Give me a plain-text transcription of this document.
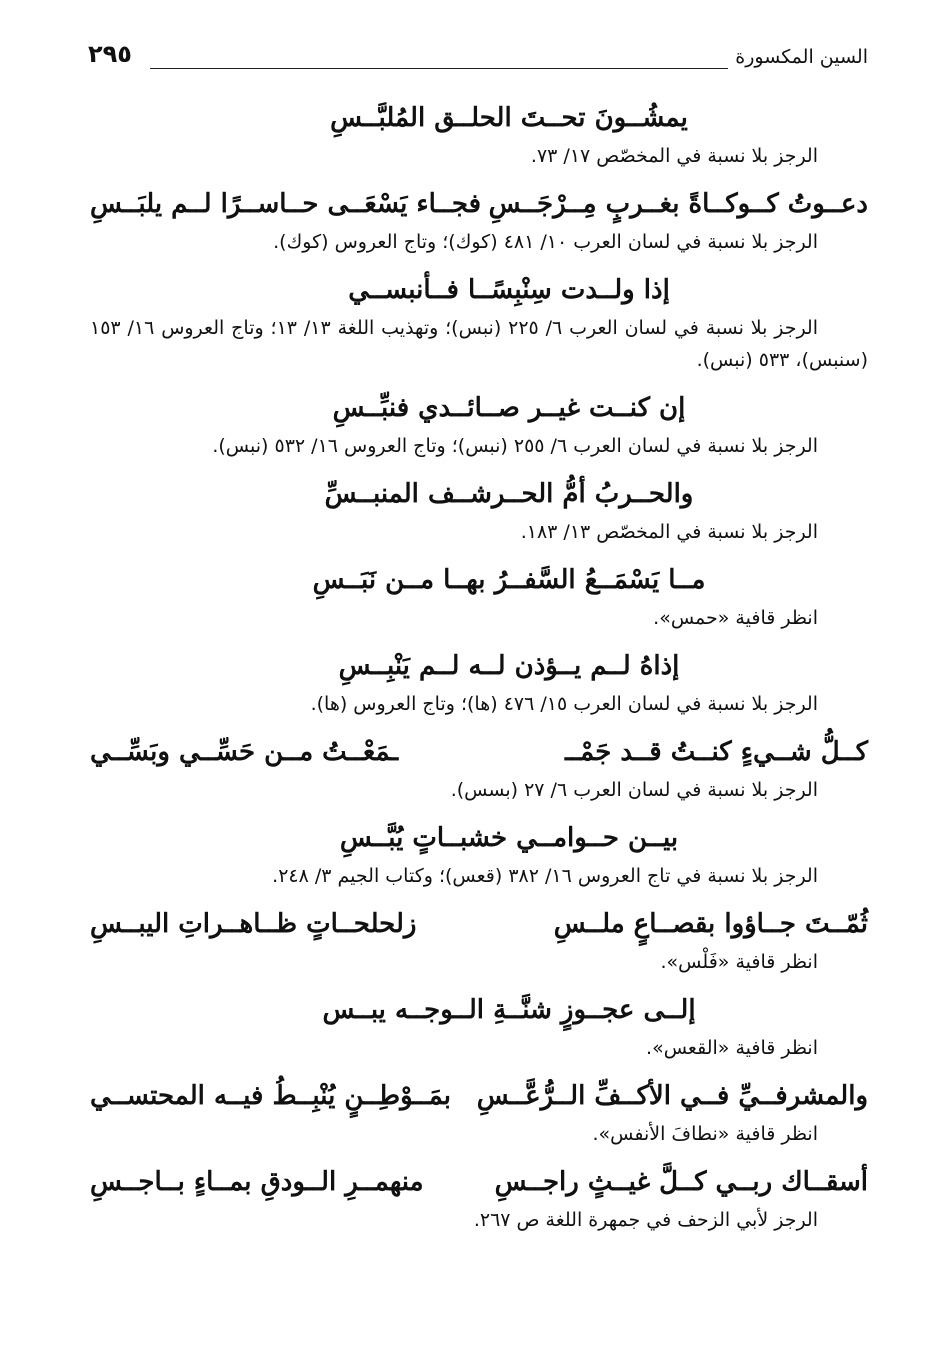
السين المكسورة
٢٩٥
يمشُــونَ تحــتَ الحلــق المُلبَّــسِ
الرجز بلا نسبة في المخصّص ١٧/ ٧٣.
دعــوتُ كــوكــاةً بغــربٍ مِــرْجَــسِ
فجــاء يَسْعَــى حــاســرًا لــم يلبَــسِ
الرجز بلا نسبة في لسان العرب ١٠/ ٤٨١ (كوك)؛ وتاج العروس (كوك).
إذا ولــدت سِنْبِسًــا فــأنبســي
الرجز بلا نسبة في لسان العرب ٦/ ٢٢٥ (نبس)؛ وتهذيب اللغة ١٣/ ١٣؛ وتاج العروس ١٦/ ١٥٣ (سنبس)، ٥٣٣ (نبس).
إن كنــت غيــر صــائــدي فنبِّــسِ
الرجز بلا نسبة في لسان العرب ٦/ ٢٥٥ (نبس)؛ وتاج العروس ١٦/ ٥٣٢ (نبس).
والحــربُ أمُّ الحــرشــف المنبــسِّ
الرجز بلا نسبة في المخصّص ١٣/ ١٨٣.
مــا يَسْمَــعُ السَّفــرُ بهــا مــن نَبَــسِ
انظر قافية «حمس».
إذاهُ لــم يــؤذن لــه لــم يَنْبِــسِ
الرجز بلا نسبة في لسان العرب ١٥/ ٤٧٦ (ها)؛ وتاج العروس (ها).
كــلُّ شــيءٍ كنــتُ قــد جَمْــ
ـمَعْــتُ مــن حَسِّــي وبَسِّــي
الرجز بلا نسبة في لسان العرب ٦/ ٢٧ (بسس).
بيــن حــوامــي خشبــاتٍ يُبَّــسِ
الرجز بلا نسبة في تاج العروس ١٦/ ٣٨٢ (قعس)؛ وكتاب الجيم ٣/ ٢٤٨.
ثُمّــتَ جــاؤوا بقصــاعٍ ملــسِ
زلحلحــاتٍ ظــاهــراتِ اليبــسِ
انظر قافية «فَلْس».
إلــى عجــوزٍ شنَّــةِ الــوجــه يبــس
انظر قافية «القعس».
والمشرفــيِّ فــي الأكــفِّ الــرُّعَّــسِ
بمَــوْطِــنٍ يُنْبِــطُ فيــه المحتســي
انظر قافية «نطافَ الأنفس».
أسقــاك ربــي كــلَّ غيــثٍ راجــسِ
منهمــرِ الــودقِ بمــاءٍ بــاجــسِ
الرجز لأبي الزحف في جمهرة اللغة ص ٢٦٧.
